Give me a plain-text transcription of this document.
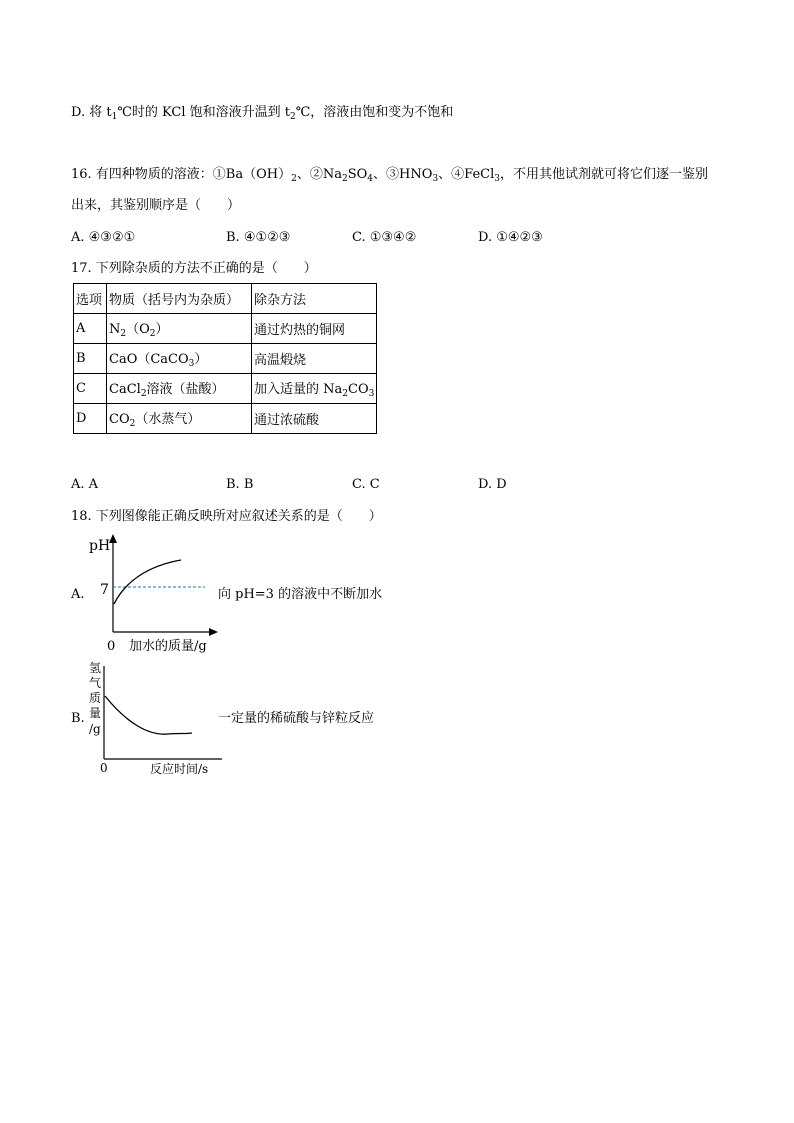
D. 将 $t_1℃$时的 KCl 饱和溶液升温到 $t_2℃$，溶液由饱和变为不饱和
16. 有四种物质的溶液：$①Ba(OH)_2$、$②Na_2SO_4$、$③HNO_3$、④FeCl$_3$，不用其他试剂就可将它们逐一鉴别
出来，其鉴别顺序是（　　）
A. ④③②①	B. ④①②③	C. ①③④②	D. ①④②③
17. 下列除杂质的方法不正确的是（　　）
选项	物质（括号内为杂质）	除杂方法
A	$N_2(O_2)$	通过灼热的铜网
B	CaO（CaCO$_3$）	高温煅烧
C	CaCl$_2$溶液（盐酸）	加入适量的 $Na_2CO_3$
D	$CO_2$（水蒸气）	通过浓硫酸
A. A	B. B	C. C	D. D
18. 下列图像能正确反映所对应叙述关系的是（　　）
A.
pH
7
0 加水的质量/g
向 pH=3 的溶液中不断加水
B.
氢
气
质
量
/g
0	反应时间/s
一定量的稀硫酸与锌粒反应
